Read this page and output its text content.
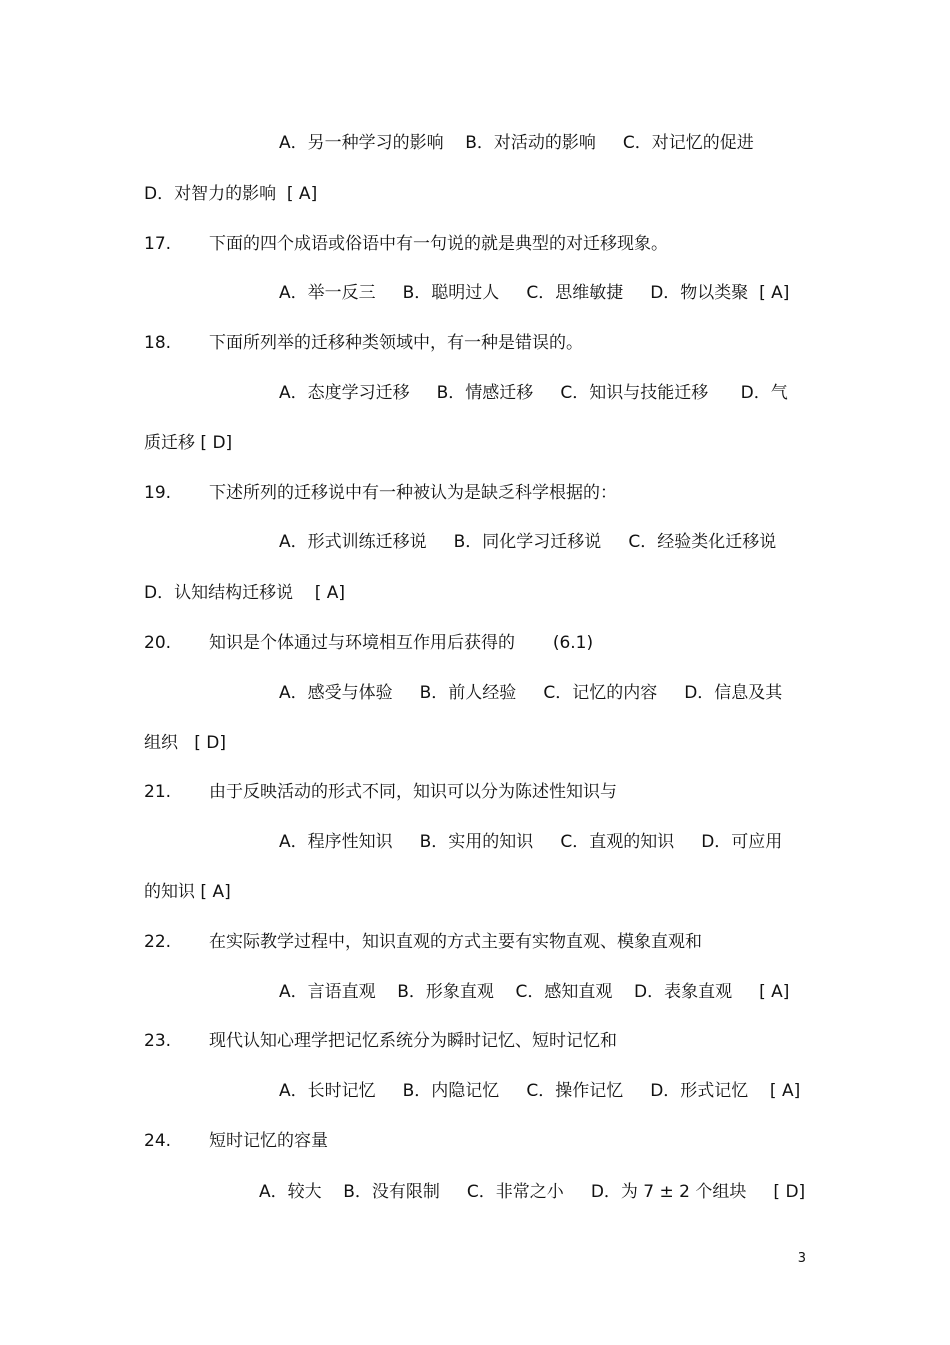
A．另一种学习的影响    B．对活动的影响     C．对记忆的促进
D．对智力的影响  [ A]
17. 下面的四个成语或俗语中有一句说的就是典型的对迁移现象。
A．举一反三     B．聪明过人     C．思维敏捷     D．物以类聚  [ A]
18. 下面所列举的迁移种类领域中，有一种是错误的。
A．态度学习迁移     B．情感迁移     C．知识与技能迁移      D．气
质迁移 [ D]
19. 下述所列的迁移说中有一种被认为是缺乏科学根据的：
A．形式训练迁移说     B．同化学习迁移说     C．经验类化迁移说
D．认知结构迁移说    [ A]
20. 知识是个体通过与环境相互作用后获得的       (6.1)
A．感受与体验     B．前人经验     C．记忆的内容     D．信息及其
组织   [ D]
21. 由于反映活动的形式不同，知识可以分为陈述性知识与
A．程序性知识     B．实用的知识     C．直观的知识     D．可应用
的知识 [ A]
22. 在实际教学过程中，知识直观的方式主要有实物直观、模象直观和
A．言语直观    B．形象直观    C．感知直观    D．表象直观     [ A]
23. 现代认知心理学把记忆系统分为瞬时记忆、短时记忆和
A．长时记忆     B．内隐记忆     C．操作记忆     D．形式记忆    [ A]
24. 短时记忆的容量
A．较大    B．没有限制     C．非常之小     D．为 7 ± 2 个组块     [ D]
3
